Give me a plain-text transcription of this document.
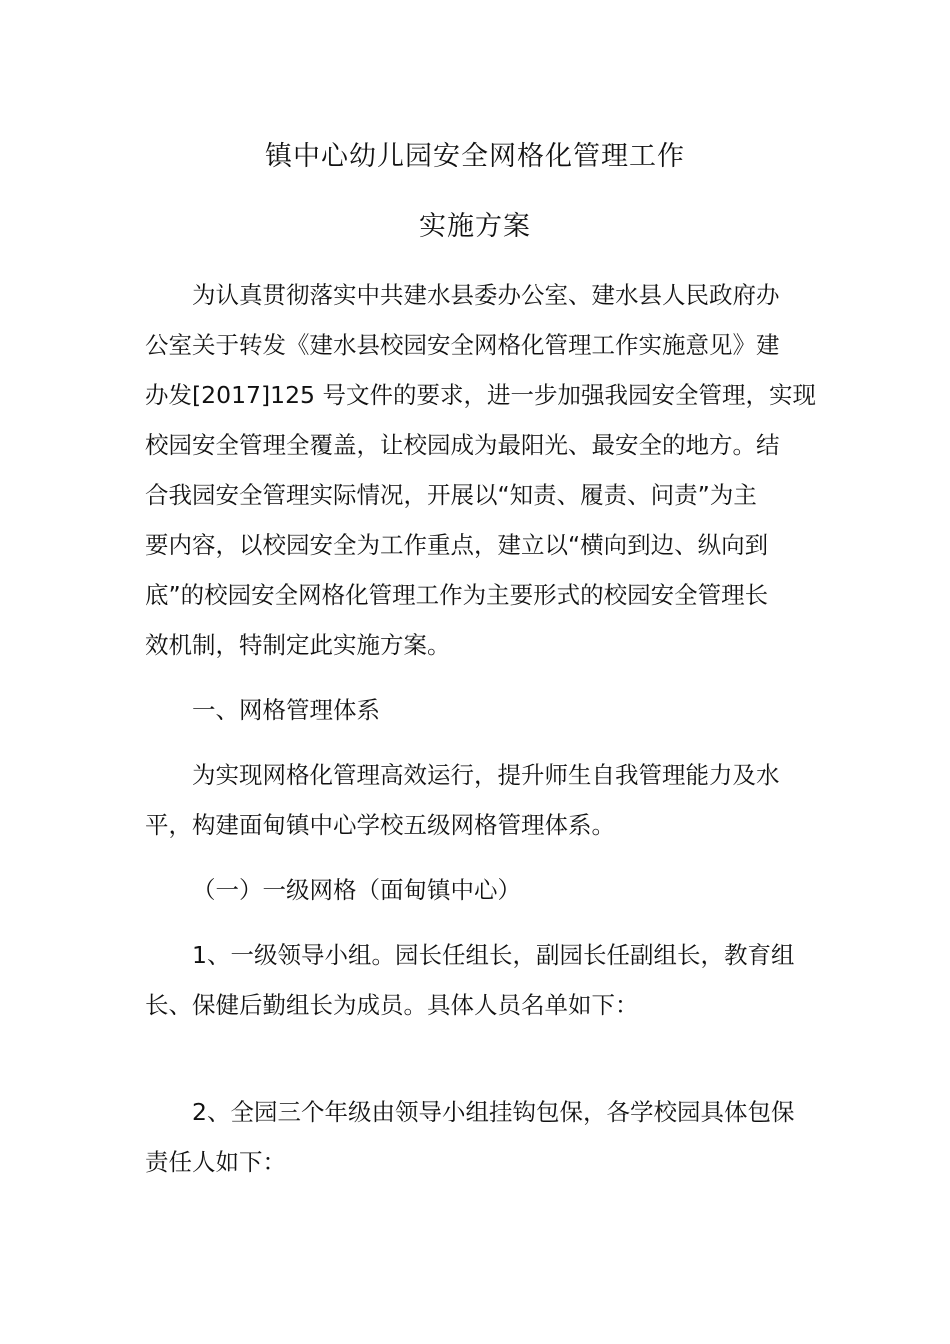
镇中心幼儿园安全网格化管理工作
实施方案
为认真贯彻落实中共建水县委办公室、建水县人民政府办
公室关于转发《建水县校园安全网格化管理工作实施意见》建
办发[2017]125 号文件的要求，进一步加强我园安全管理，实现
校园安全管理全覆盖，让校园成为最阳光、最安全的地方。结
合我园安全管理实际情况，开展以“知责、履责、问责”为主
要内容，以校园安全为工作重点，建立以“横向到边、纵向到
底”的校园安全网格化管理工作为主要形式的校园安全管理长
效机制，特制定此实施方案。
一、网格管理体系
为实现网格化管理高效运行，提升师生自我管理能力及水
平，构建面甸镇中心学校五级网格管理体系。
（一）一级网格（面甸镇中心）
1、一级领导小组。园长任组长，副园长任副组长，教育组
长、保健后勤组长为成员。具体人员名单如下：
2、全园三个年级由领导小组挂钩包保，各学校园具体包保
责任人如下：
